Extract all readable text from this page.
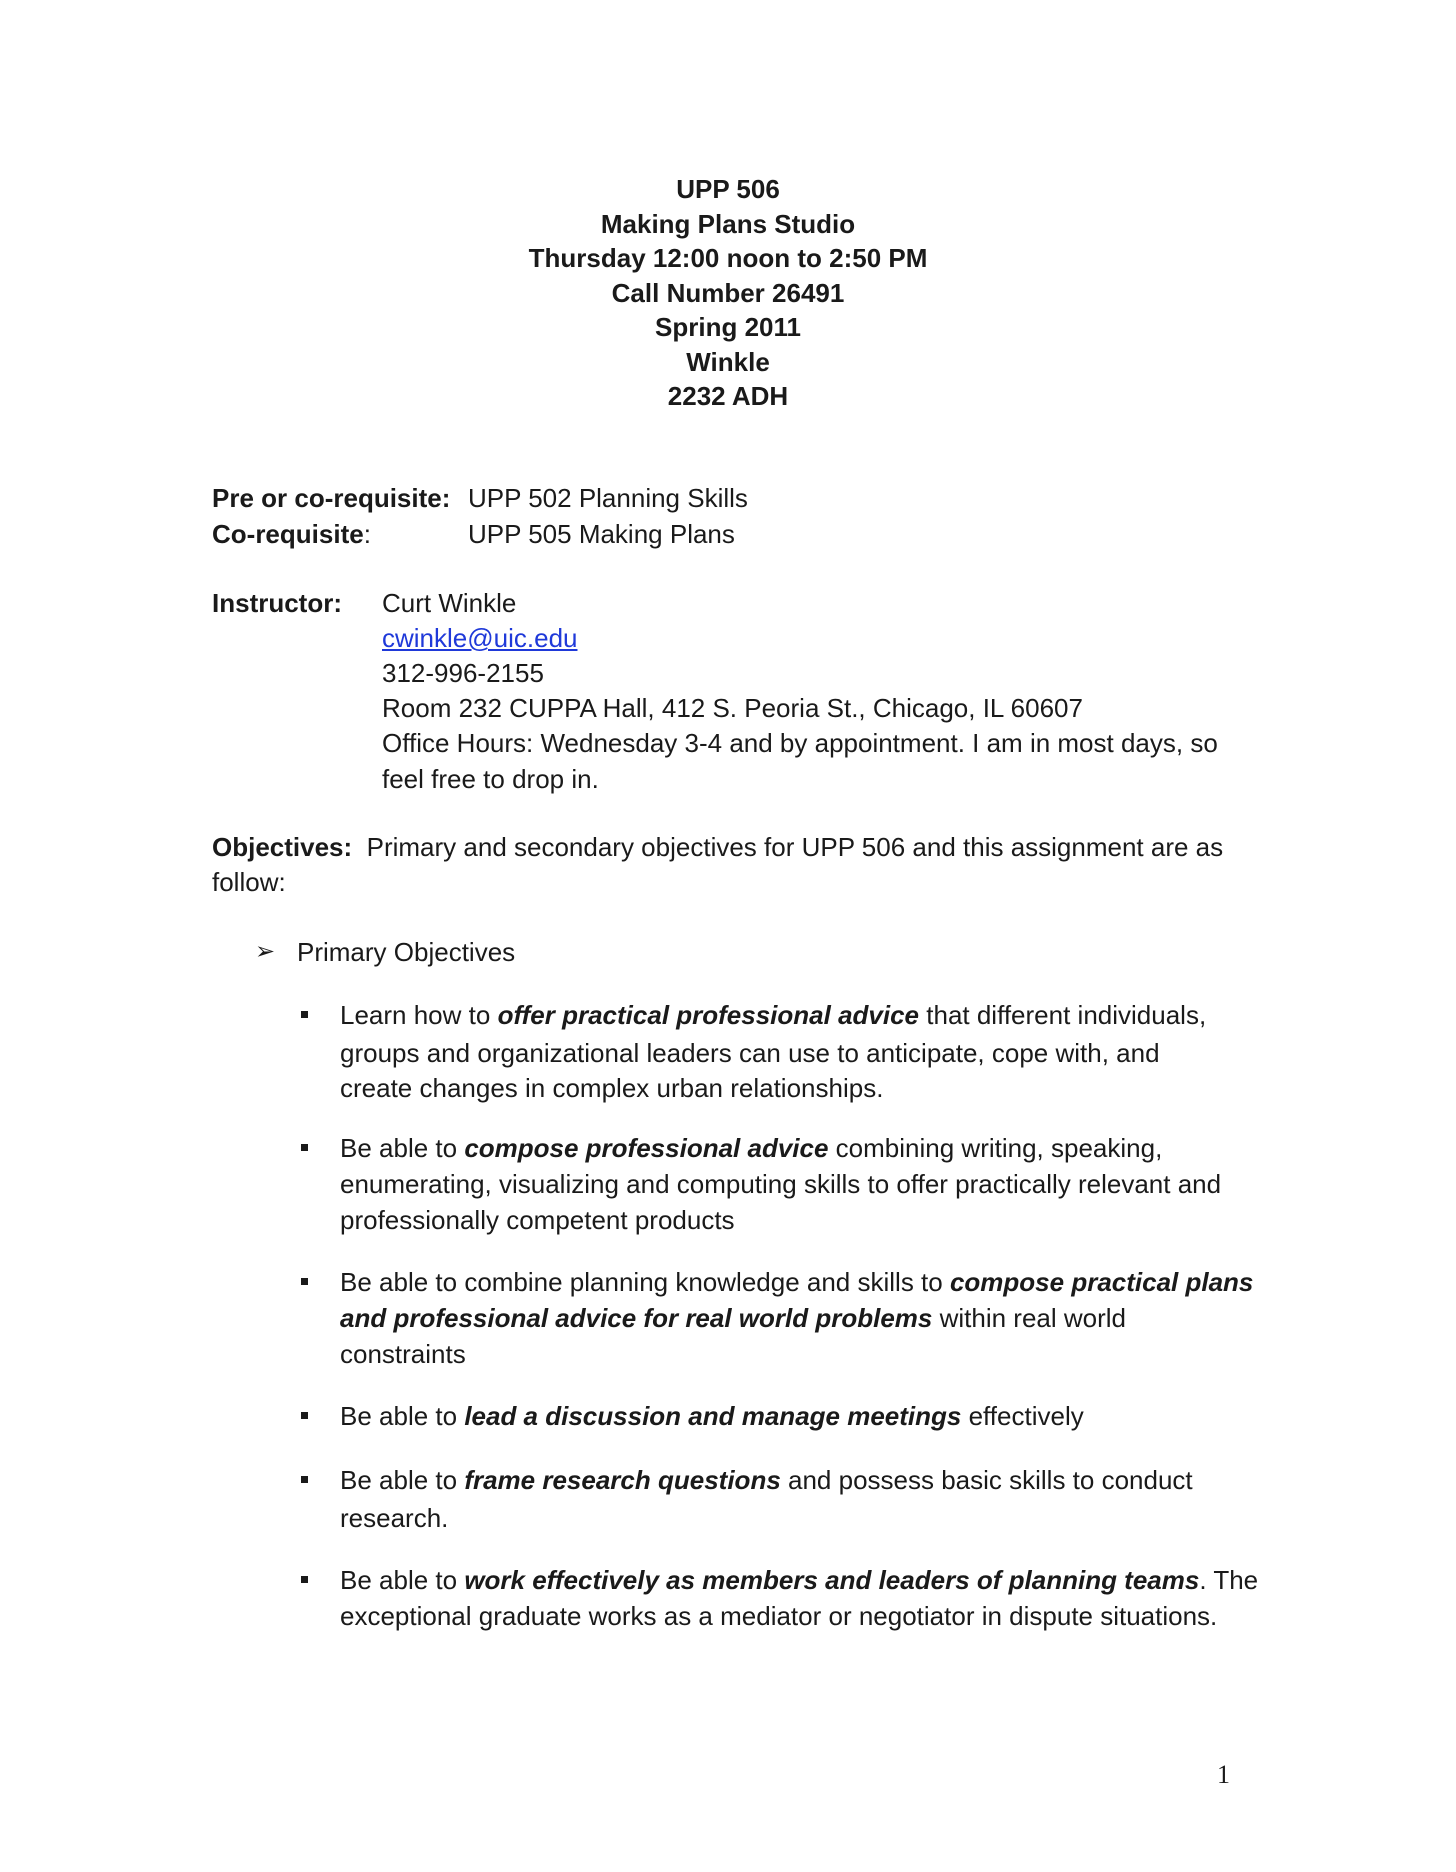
UPP 506
Making Plans Studio
Thursday 12:00 noon to 2:50 PM
Call Number 26491
Spring 2011
Winkle
2232 ADH
Pre or co-requisite: UPP 502 Planning Skills
Co-requisite:	UPP 505 Making Plans
Instructor: Curt Winkle
cwinkle@uic.edu
312-996-2155
Room 232 CUPPA Hall, 412 S. Peoria St., Chicago, IL 60607
Office Hours: Wednesday 3-4 and by appointment. I am in most days, so
feel free to drop in.
Objectives: Primary and secondary objectives for UPP 506 and this assignment are as
follow:
➢ Primary Objectives
Learn how to offer practical professional advice that different individuals,
groups and organizational leaders can use to anticipate, cope with, and
create changes in complex urban relationships.
Be able to compose professional advice combining writing, speaking,
enumerating, visualizing and computing skills to offer practically relevant and
professionally competent products
Be able to combine planning knowledge and skills to compose practical plans
and professional advice for real world problems within real world
constraints
Be able to lead a discussion and manage meetings effectively
Be able to frame research questions and possess basic skills to conduct
research.
Be able to work effectively as members and leaders of planning teams. The
exceptional graduate works as a mediator or negotiator in dispute situations.
1
